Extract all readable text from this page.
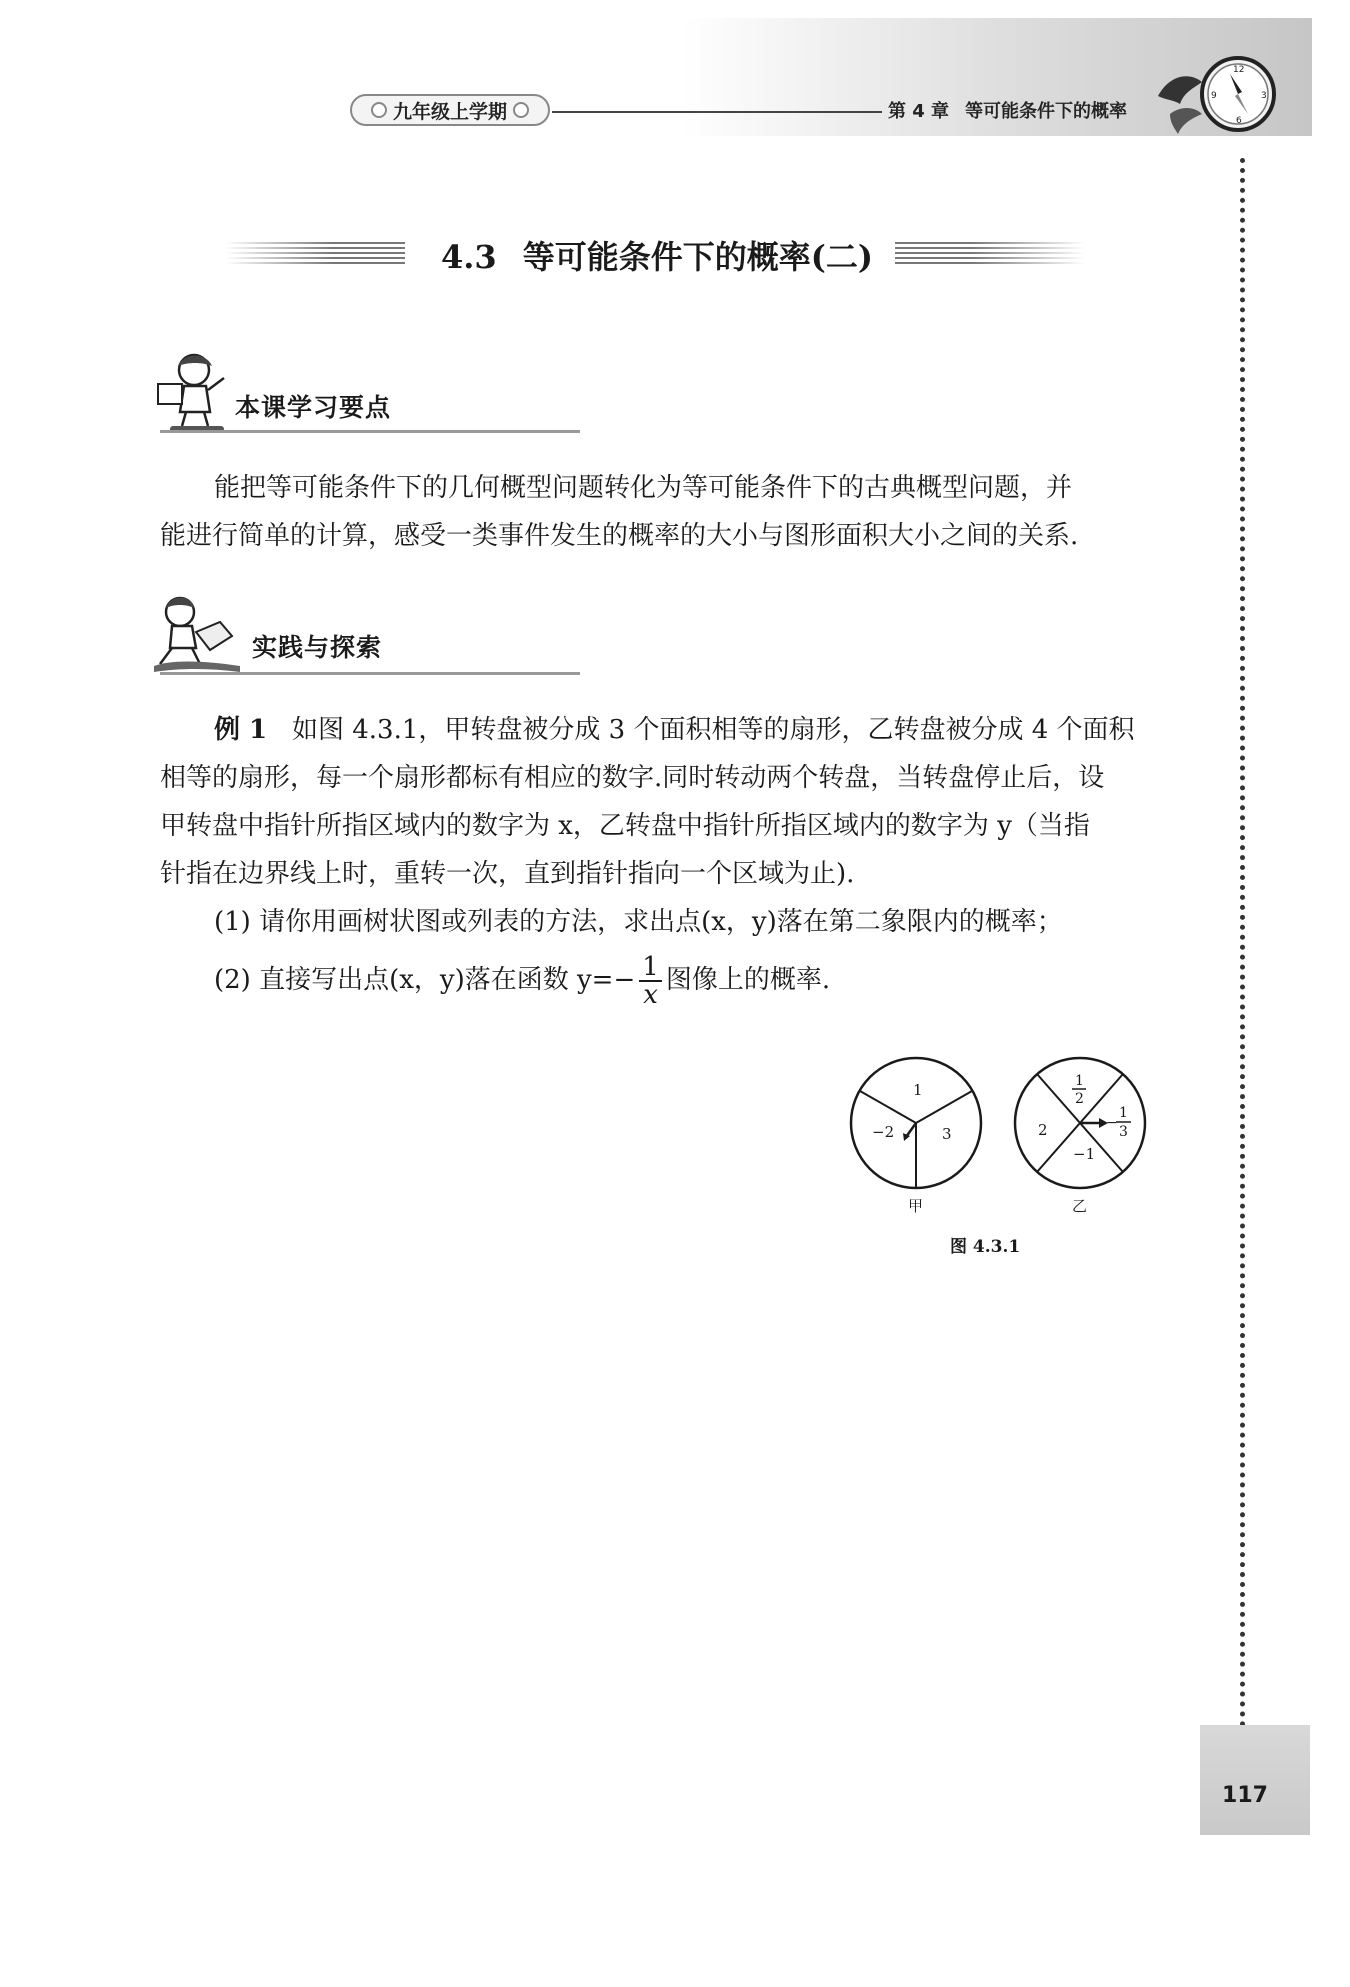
九年级上学期	第 4 章 等可能条件下的概率
12
3
6
9
4.3 等可能条件下的概率(二)
本课学习要点
能把等可能条件下的几何概型问题转化为等可能条件下的古典概型问题，并
能进行简单的计算，感受一类事件发生的概率的大小与图形面积大小之间的关系.
实践与探索
例 1 如图 4.3.1，甲转盘被分成 3 个面积相等的扇形，乙转盘被分成 4 个面积
相等的扇形，每一个扇形都标有相应的数字.同时转动两个转盘，当转盘停止后，设
甲转盘中指针所指区域内的数字为 x，乙转盘中指针所指区域内的数字为 y（当指
针指在边界线上时，重转一次，直到指针指向一个区域为止).
(1) 请你用画树状图或列表的方法，求出点(x，y)落在第二象限内的概率；
(2) 直接写出点(x，y)落在函数 $y=- \frac{1}{x}$ 图像上的概率.
1
−2	3
甲
1
2
2	−
1
3
−1
乙
图 4.3.1
117
